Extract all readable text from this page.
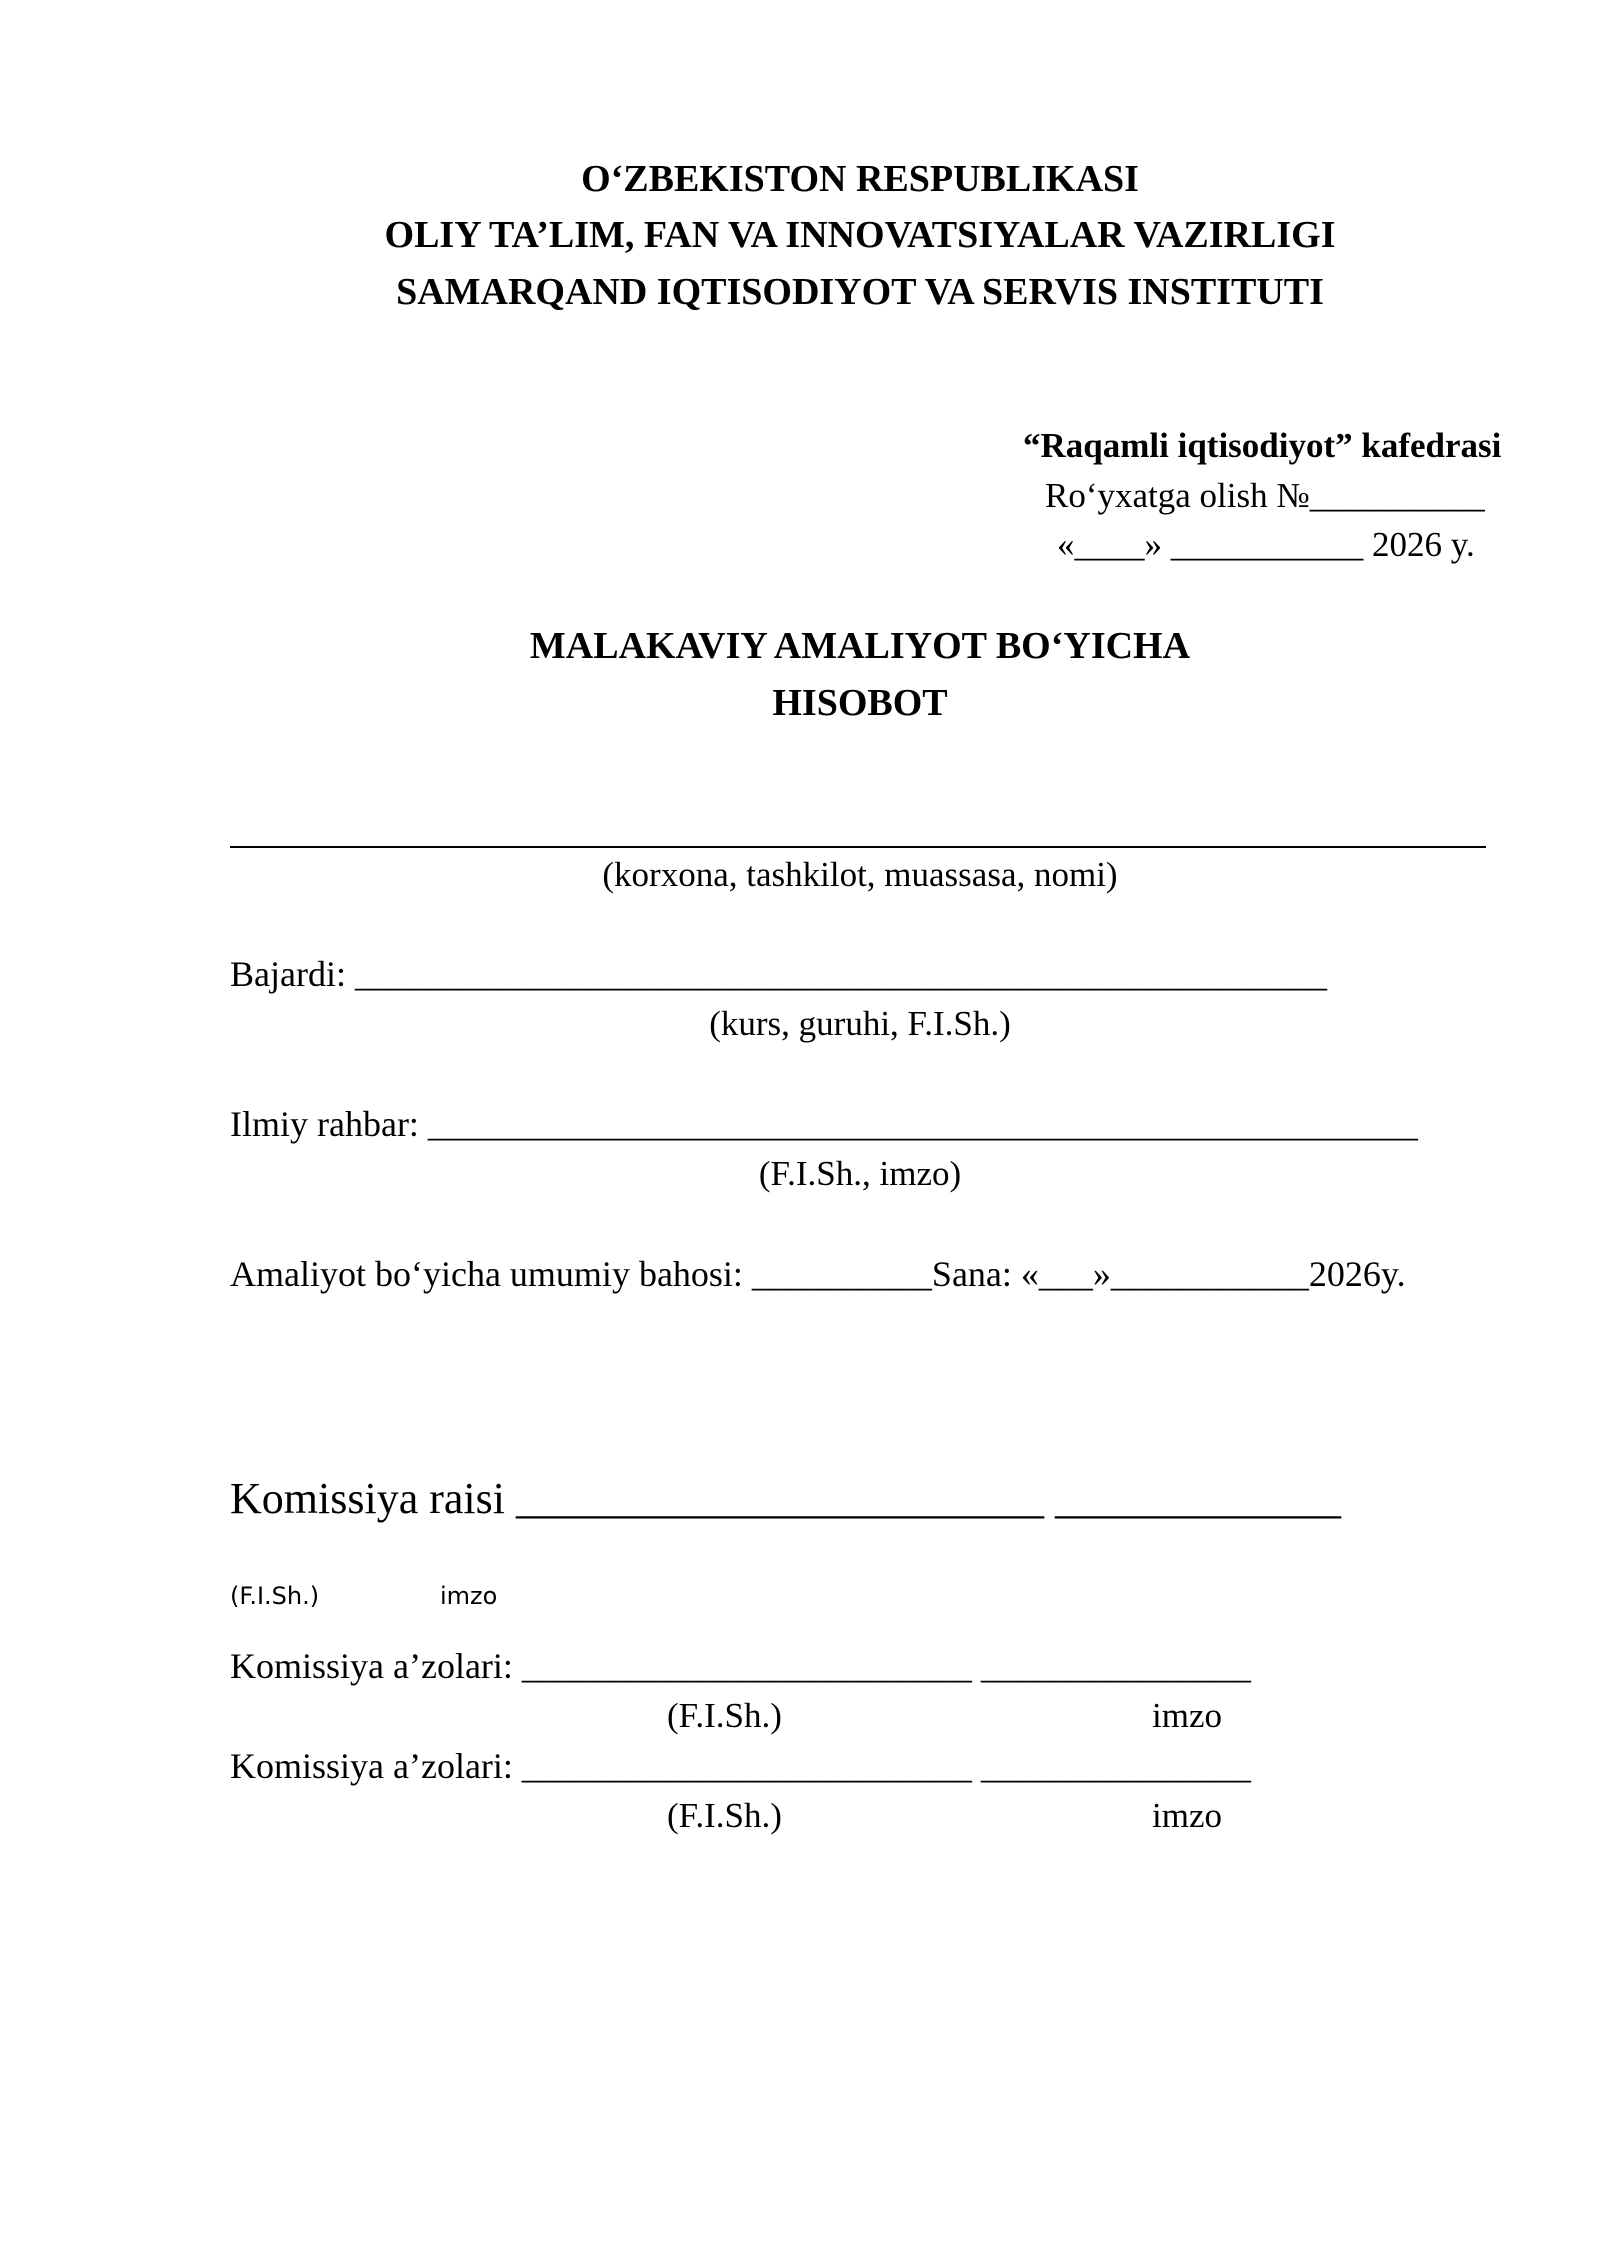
O‘ZBEKISTON RESPUBLIKASI
OLIY TA’LIM, FAN VA INNOVATSIYALAR VAZIRLIGI
SAMARQAND IQTISODIYOT VA SERVIS INSTITUTI
“Raqamli iqtisodiyot” kafedrasi
Ro‘yxatga olish №__________
«____» ___________ 2026 y.
MALAKAVIY AMALIYOT BO‘YICHA
HISOBOT
(korxona, tashkilot, muassasa, nomi)
Bajardi: ______________________________________________________
(kurs, guruhi, F.I.Sh.)
Ilmiy rahbar: _______________________________________________________
(F.I.Sh., imzo)
Amaliyot bo‘yicha umumiy bahosi: __________Sana: «___»___________2026y.
Komissiya raisi ________________________ _____________
(F.I.Sh.)	imzo
Komissiya a’zolari: _________________________ _______________
(F.I.Sh.)	imzo
Komissiya a’zolari: _________________________ _______________
(F.I.Sh.)	imzo
